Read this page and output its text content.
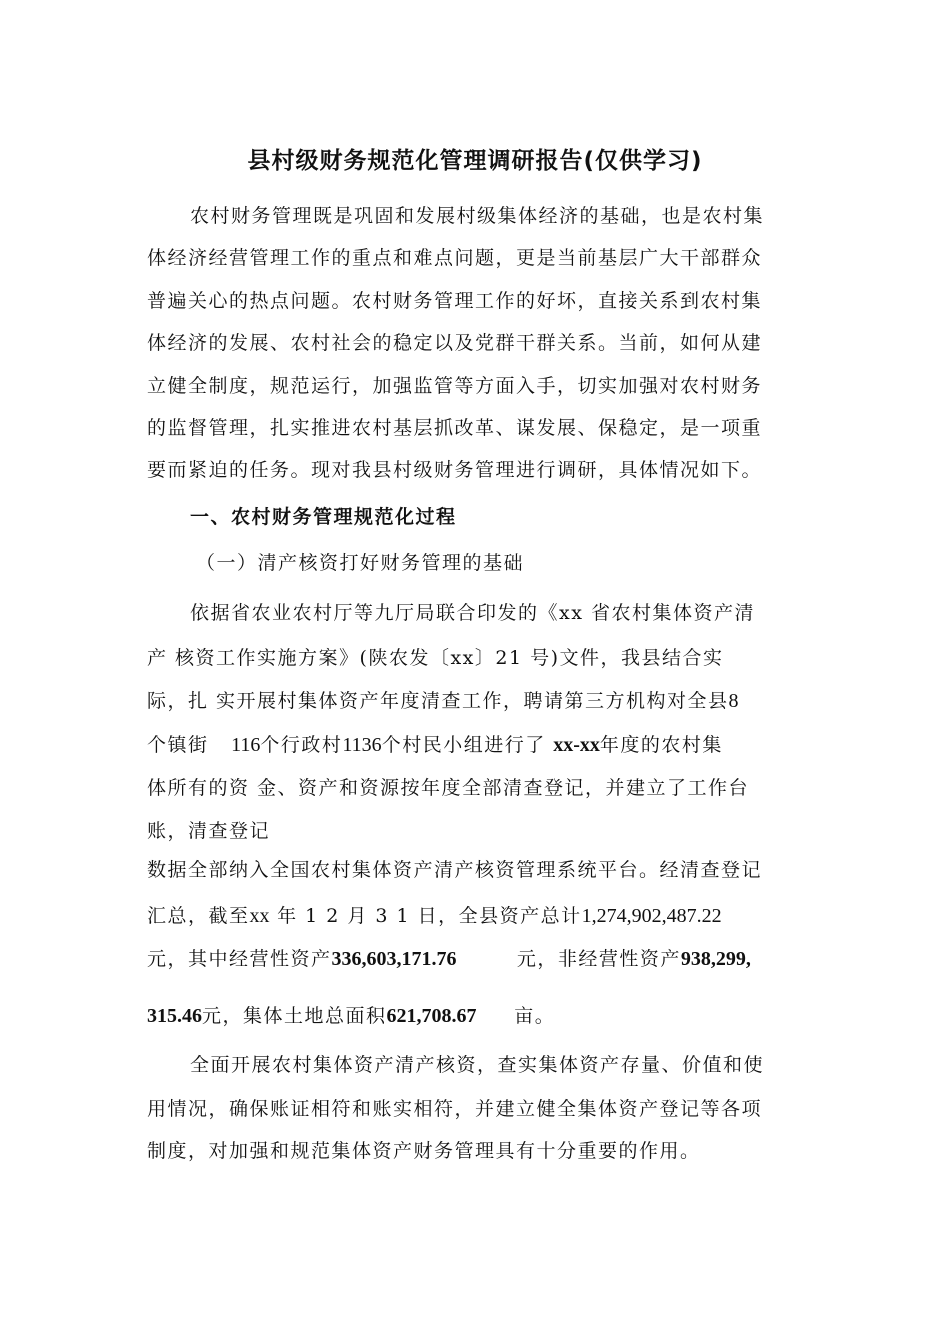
县村级财务规范化管理调研报告(仅供学习)
农村财务管理既是巩固和发展村级集体经济的基础，也是农村集
体经济经营管理工作的重点和难点问题，更是当前基层广大干部群众
普遍关心的热点问题。农村财务管理工作的好坏，直接关系到农村集
体经济的发展、农村社会的稳定以及党群干群关系。当前，如何从建
立健全制度，规范运行，加强监管等方面入手，切实加强对农村财务
的监督管理，扎实推进农村基层抓改革、谋发展、保稳定，是一项重
要而紧迫的任务。现对我县村级财务管理进行调研，具体情况如下。
一、农村财务管理规范化过程
（一）清产核资打好财务管理的基础
依据省农业农村厅等九厅局联合印发的《xx 省农村集体资产清
产 核资工作实施方案》(陕农发〔xx〕21 号)文件，我县结合实
际，扎 实开展村集体资产年度清查工作，聘请第三方机构对全县8
个镇街 116个行政村1136个村民小组进行了 xx-xx年度的农村集
体所有的资 金、资产和资源按年度全部清查登记，并建立了工作台
账，清查登记
数据全部纳入全国农村集体资产清产核资管理系统平台。经清查登记
汇总，截至xx 年 1 2 月 3 1 日，全县资产总计1,274,902,487.22
元，其中经营性资产336,603,171.76	元，非经营性资产938,299,
315.46元，集体土地总面积621,708.67 亩。
全面开展农村集体资产清产核资，查实集体资产存量、价值和使
用情况，确保账证相符和账实相符，并建立健全集体资产登记等各项
制度，对加强和规范集体资产财务管理具有十分重要的作用。
